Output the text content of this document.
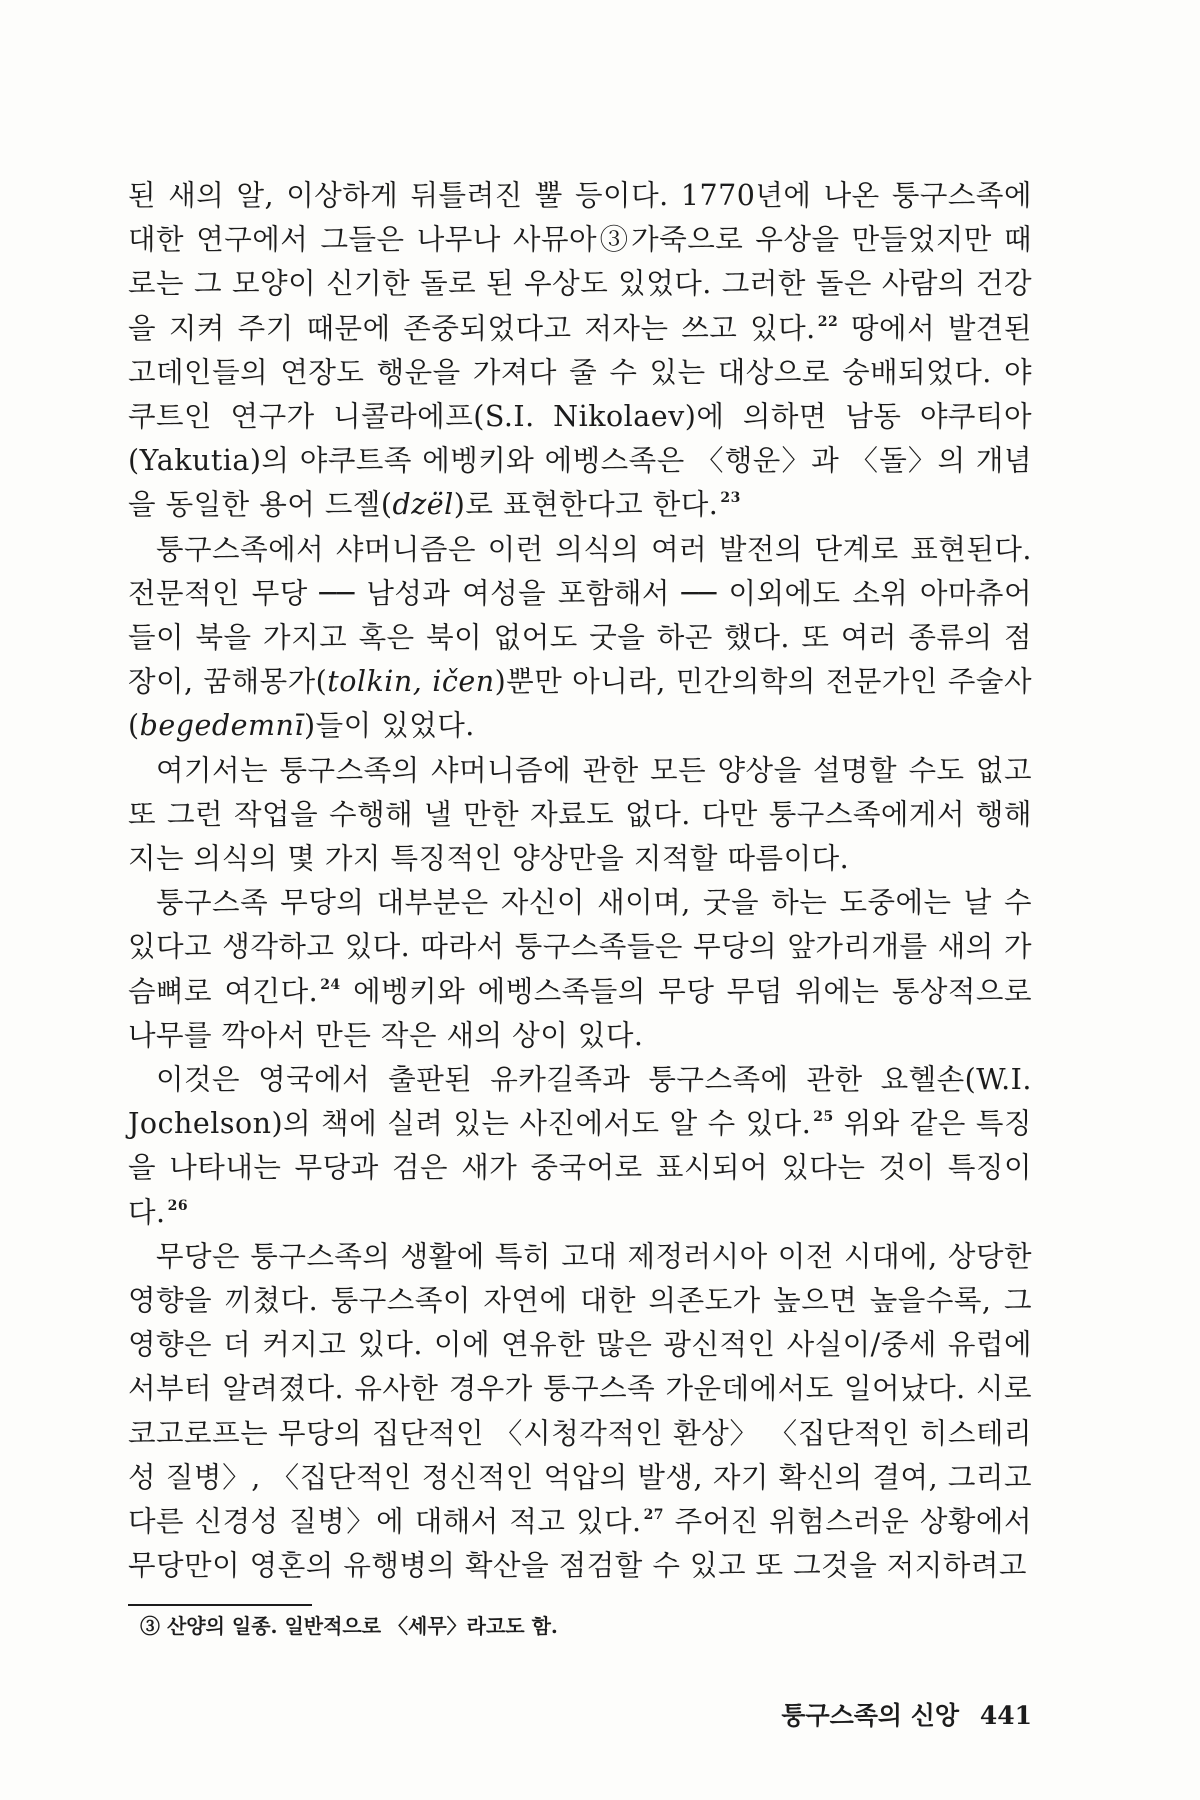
된 새의 알, 이상하게 뒤틀려진 뿔 등이다. 1770년에 나온 퉁구스족에 대한 연구에서 그들은 나무나 사뮤아③가죽으로 우상을 만들었지만 때로는 그 모양이 신기한 돌로 된 우상도 있었다. 그러한 돌은 사람의 건강을 지켜 주기 때문에 존중되었다고 저자는 쓰고 있다. $^{22}$ 땅에서 발견된 고데인들의 연장도 행운을 가져다 줄 수 있는 대상으로 숭배되었다. 야쿠트인 연구가 니콜라에프(S.I. Nikolaev)에 의하면 남동 야쿠티아(Yakutia)의 야쿠트족 에벵키와 에벵스족은 〈행운〉과 〈돌〉의 개념을 동일한 용어 드젤(dzël)로 표현한다고 한다. $^{23}$

퉁구스족에서 샤머니즘은 이런 의식의 여러 발전의 단계로 표현된다. 전문적인 무당 ── 남성과 여성을 포함해서 ── 이외에도 소위 아마츄어들이 북을 가지고 혹은 북이 없어도 굿을 하곤 했다. 또 여러 종류의 점장이, 꿈해몽가(tolkin, ičen)뿐만 아니라, 민간의학의 전문가인 주술사(begedemnī)들이 있었다.

여기서는 퉁구스족의 샤머니즘에 관한 모든 양상을 설명할 수도 없고 또 그런 작업을 수행해 낼 만한 자료도 없다. 다만 퉁구스족에게서 행해지는 의식의 몇 가지 특징적인 양상만을 지적할 따름이다.

퉁구스족 무당의 대부분은 자신이 새이며, 굿을 하는 도중에는 날 수 있다고 생각하고 있다. 따라서 퉁구스족들은 무당의 앞가리개를 새의 가슴뼈로 여긴다. $^{24}$ 에벵키와 에벵스족들의 무당 무덤 위에는 통상적으로 나무를 깍아서 만든 작은 새의 상이 있다.

이것은 영국에서 출판된 유카길족과 퉁구스족에 관한 요헬손(W.I. Jochelson)의 책에 실려 있는 사진에서도 알 수 있다. $^{25}$ 위와 같은 특징을 나타내는 무당과 검은 새가 중국어로 표시되어 있다는 것이 특징이다. $^{26}$

무당은 퉁구스족의 생활에 특히 고대 제정러시아 이전 시대에, 상당한 영향을 끼쳤다. 퉁구스족이 자연에 대한 의존도가 높으면 높을수록, 그 영향은 더 커지고 있다. 이에 연유한 많은 광신적인 사실이/중세 유럽에서부터 알려졌다. 유사한 경우가 퉁구스족 가운데에서도 일어났다. 시로코고로프는 무당의 집단적인 〈시청각적인 환상〉 〈집단적인 히스테리성 질병〉, 〈집단적인 정신적인 억압의 발생, 자기 확신의 결여, 그리고 다른 신경성 질병〉에 대해서 적고 있다. $^{27}$ 주어진 위험스러운 상황에서 무당만이 영혼의 유행병의 확산을 점검할 수 있고 또 그것을 저지하려고

③ 산양의 일종. 일반적으로 〈세무〉라고도 함.
퉁구스족의 신앙 441
